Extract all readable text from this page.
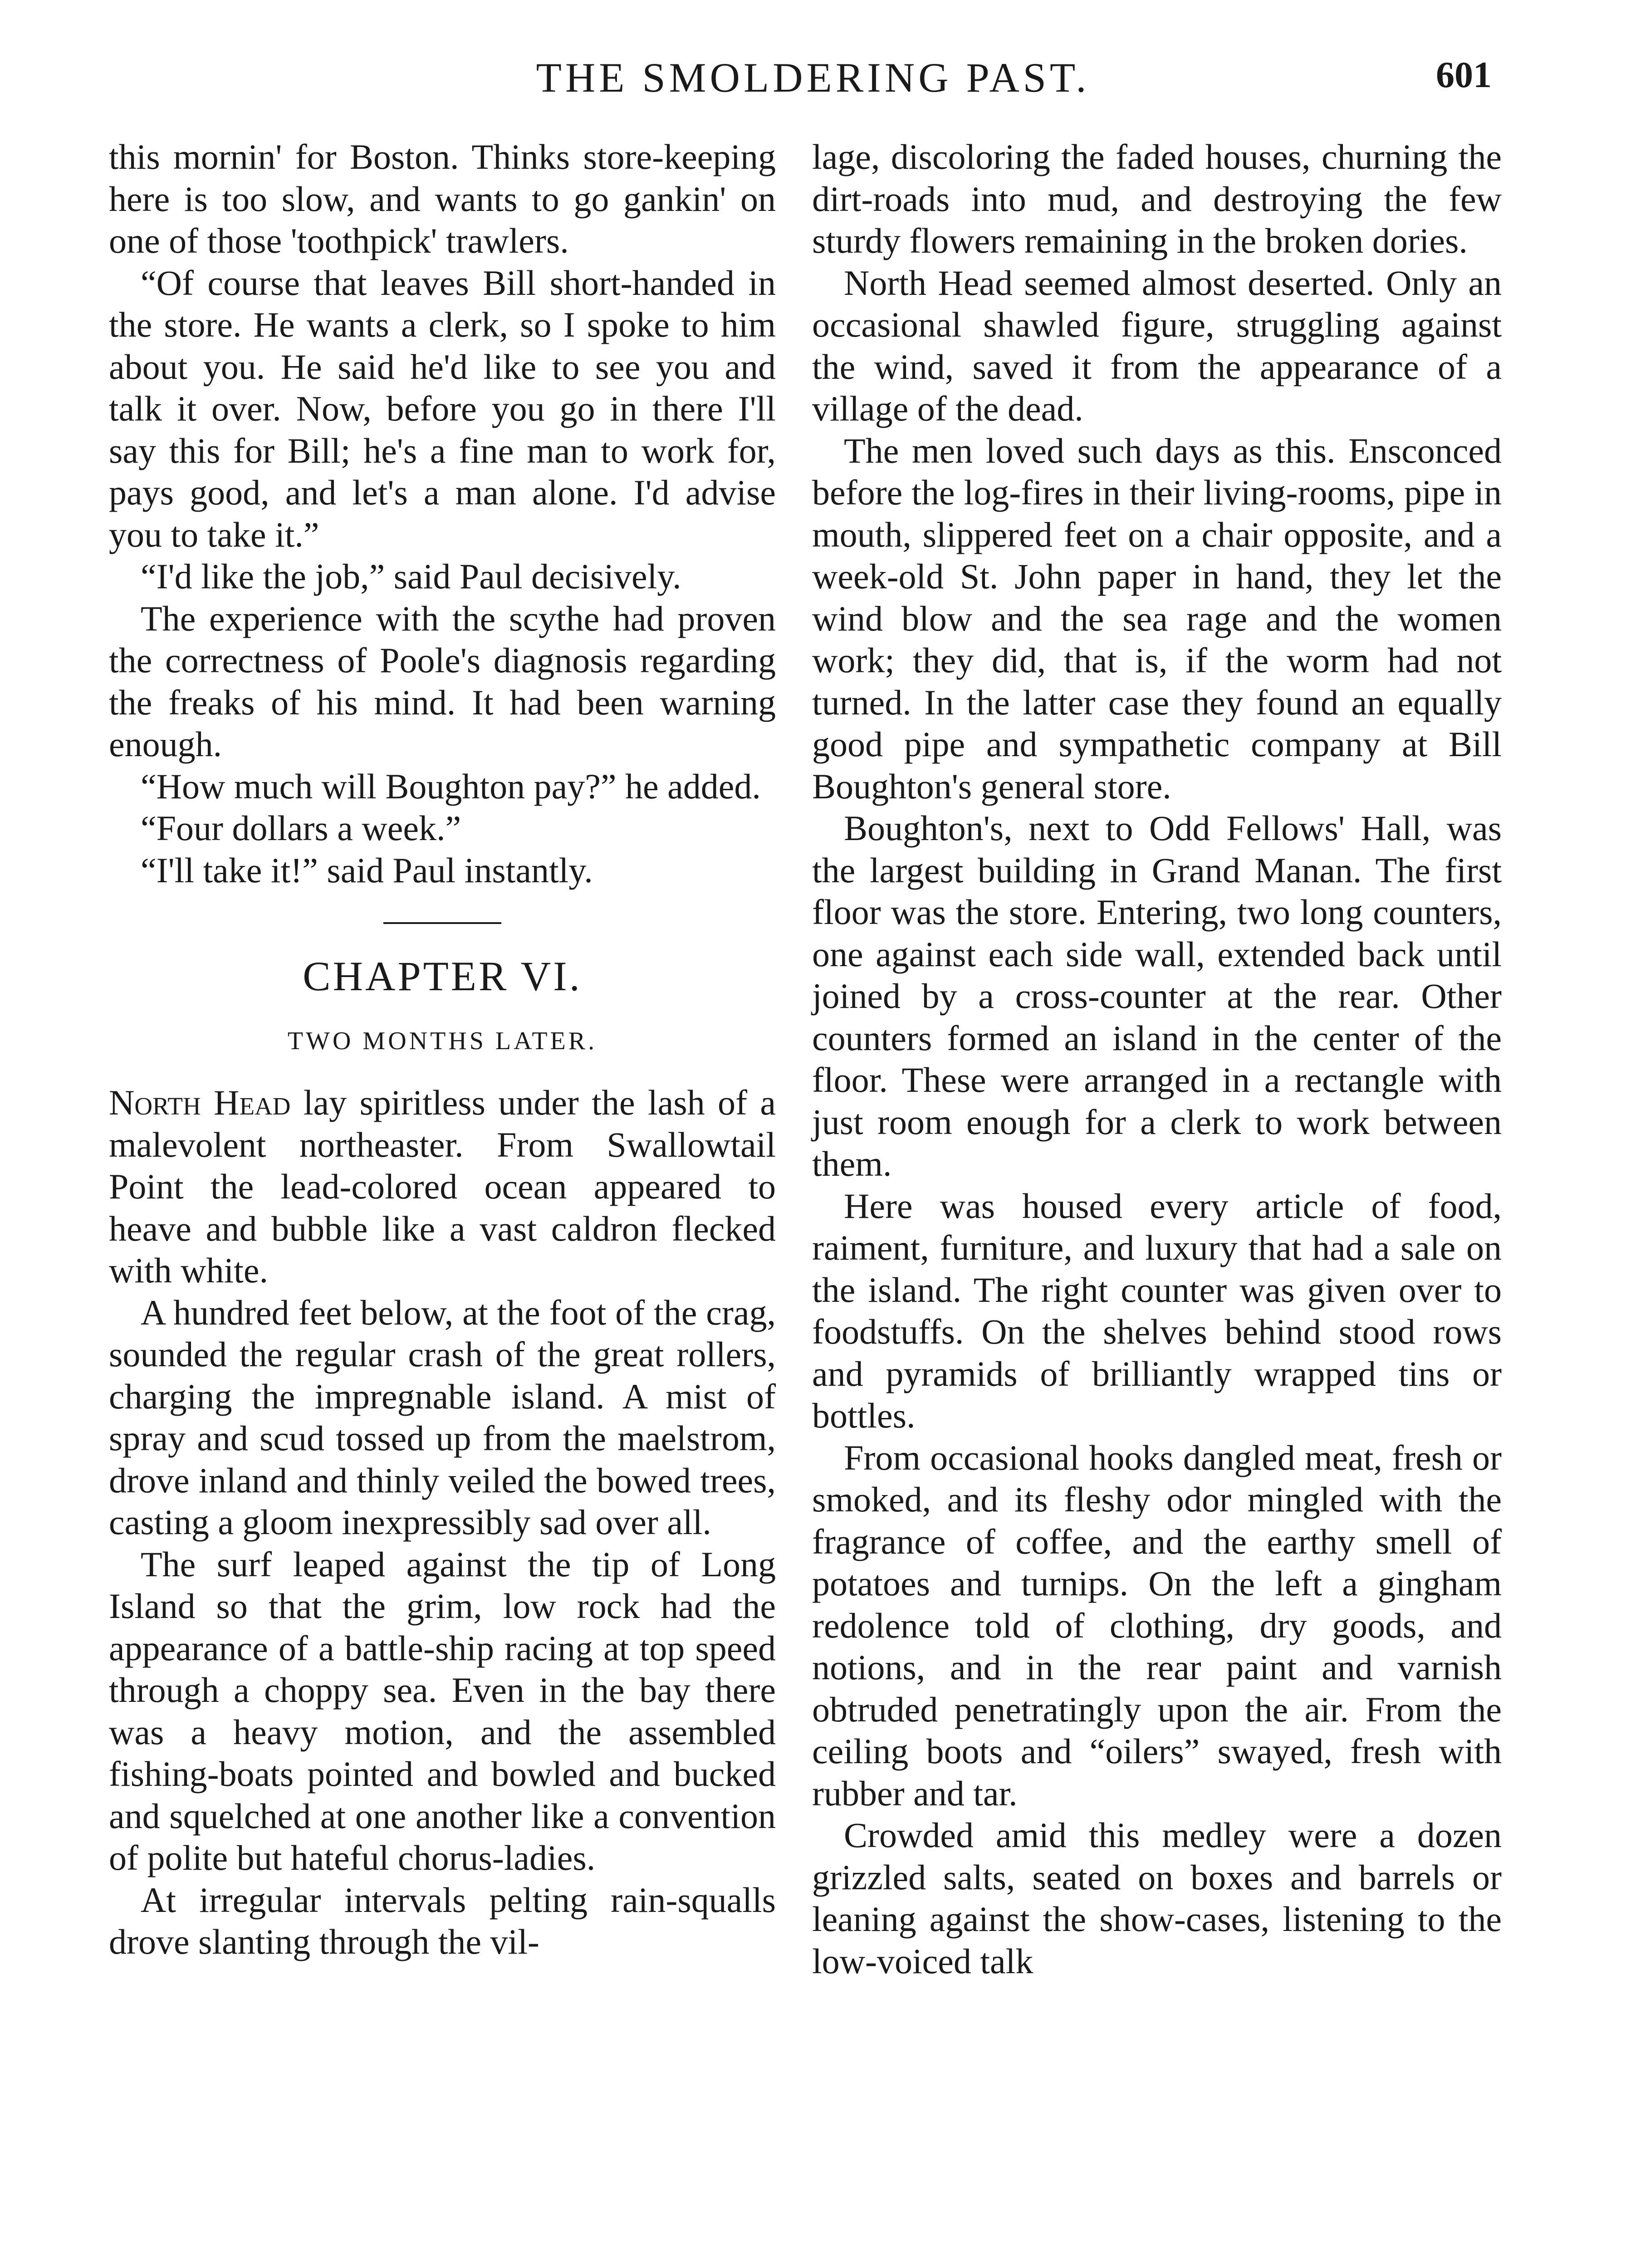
THE SMOLDERING PAST.	601

this mornin' for Boston. Thinks store-keeping here is too slow, and wants to go gankin' on one of those 'toothpick' trawlers.

“Of course that leaves Bill short-handed in the store. He wants a clerk, so I spoke to him about you. He said he'd like to see you and talk it over. Now, before you go in there I'll say this for Bill; he's a fine man to work for, pays good, and let's a man alone. I'd advise you to take it.”

“I'd like the job,” said Paul decisively.

The experience with the scythe had proven the correctness of Poole's diagnosis regarding the freaks of his mind. It had been warning enough.

“How much will Boughton pay?” he added.

“Four dollars a week.”

“I'll take it!” said Paul instantly.

CHAPTER VI.
TWO MONTHS LATER.

North Head lay spiritless under the lash of a malevolent northeaster. From Swallowtail Point the lead-colored ocean appeared to heave and bubble like a vast caldron flecked with white.

A hundred feet below, at the foot of the crag, sounded the regular crash of the great rollers, charging the impregnable island. A mist of spray and scud tossed up from the maelstrom, drove inland and thinly veiled the bowed trees, casting a gloom inexpressibly sad over all.

The surf leaped against the tip of Long Island so that the grim, low rock had the appearance of a battle-ship racing at top speed through a choppy sea. Even in the bay there was a heavy motion, and the assembled fishing-boats pointed and bowled and bucked and squelched at one another like a convention of polite but hateful chorus-ladies.

At irregular intervals pelting rain-squalls drove slanting through the vil-

lage, discoloring the faded houses, churning the dirt-roads into mud, and destroying the few sturdy flowers remaining in the broken dories.

North Head seemed almost deserted. Only an occasional shawled figure, struggling against the wind, saved it from the appearance of a village of the dead.

The men loved such days as this. Ensconced before the log-fires in their living-rooms, pipe in mouth, slippered feet on a chair opposite, and a week-old St. John paper in hand, they let the wind blow and the sea rage and the women work; they did, that is, if the worm had not turned. In the latter case they found an equally good pipe and sympathetic company at Bill Boughton's general store.

Boughton's, next to Odd Fellows' Hall, was the largest building in Grand Manan. The first floor was the store. Entering, two long counters, one against each side wall, extended back until joined by a cross-counter at the rear. Other counters formed an island in the center of the floor. These were arranged in a rectangle with just room enough for a clerk to work between them.

Here was housed every article of food, raiment, furniture, and luxury that had a sale on the island. The right counter was given over to foodstuffs. On the shelves behind stood rows and pyramids of brilliantly wrapped tins or bottles.

From occasional hooks dangled meat, fresh or smoked, and its fleshy odor mingled with the fragrance of coffee, and the earthy smell of potatoes and turnips. On the left a gingham redolence told of clothing, dry goods, and notions, and in the rear paint and varnish obtruded penetratingly upon the air. From the ceiling boots and “oilers” swayed, fresh with rubber and tar.

Crowded amid this medley were a dozen grizzled salts, seated on boxes and barrels or leaning against the show-cases, listening to the low-voiced talk
